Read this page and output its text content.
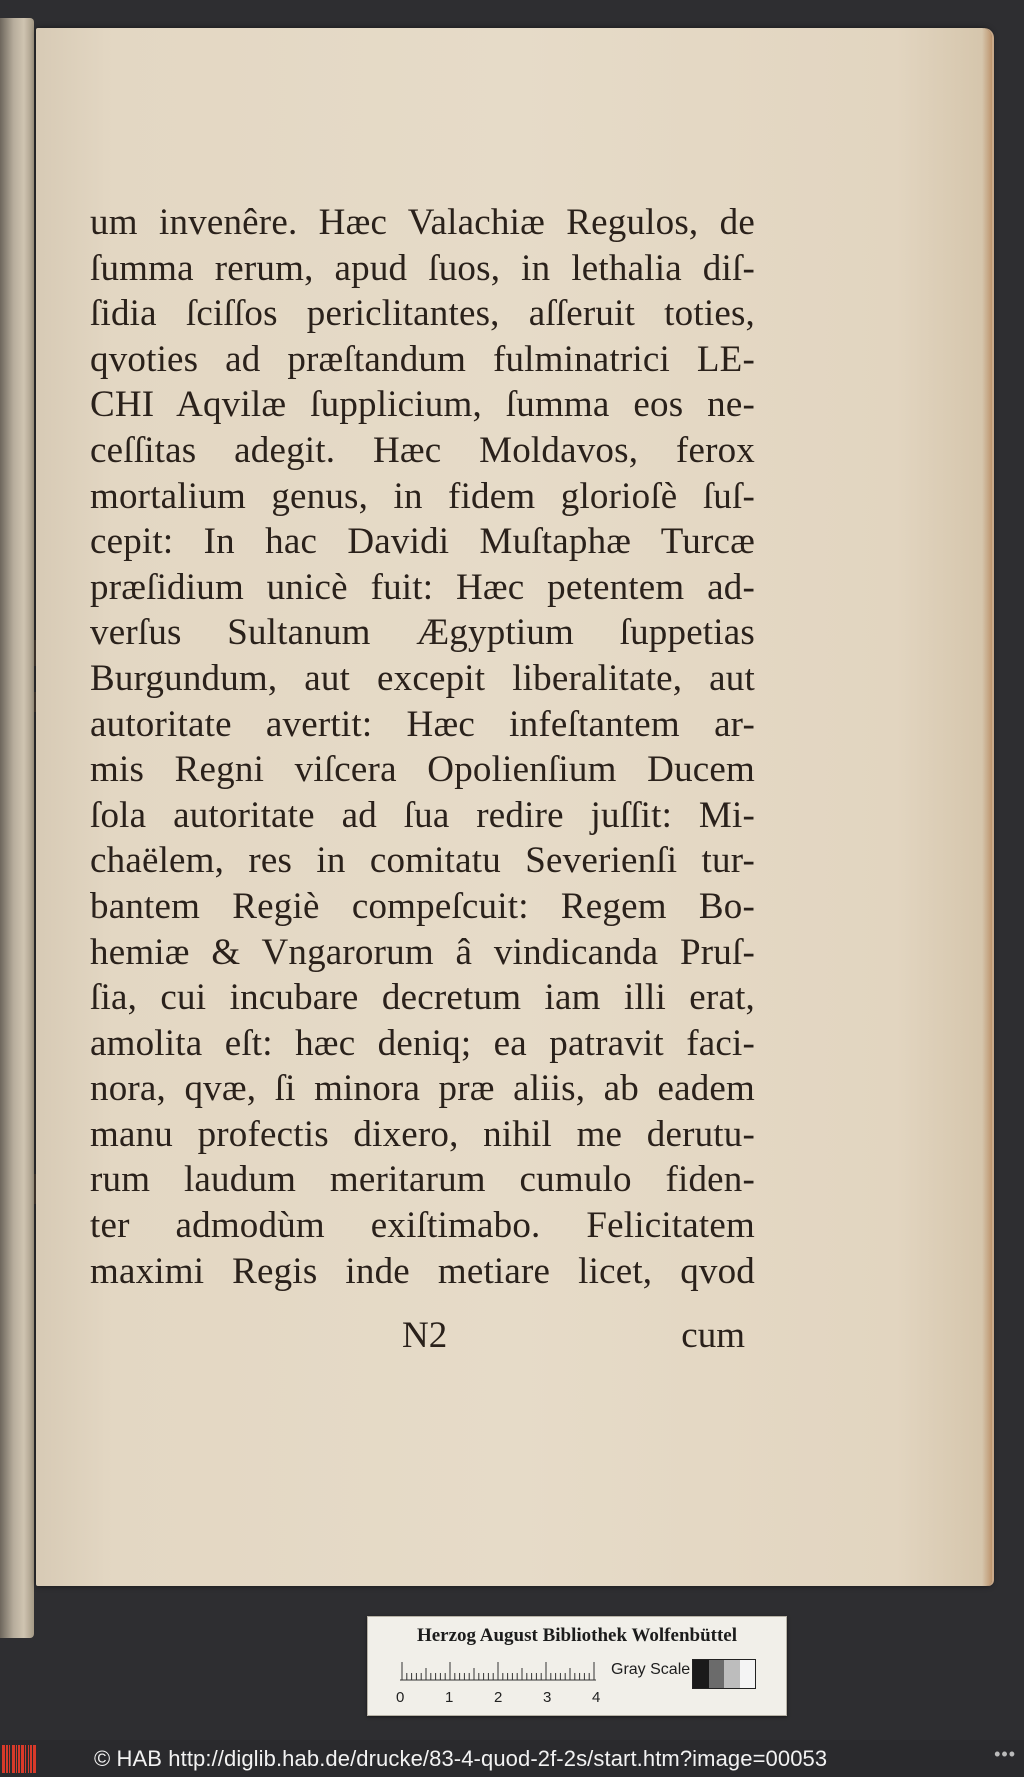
um invenêre. Hæc Valachiæ Regulos, de
ſumma rerum, apud ſuos, in lethalia diſ-
ſidia ſciſſos periclitantes, aſſeruit toties,
qvoties ad præſtandum fulminatrici LE-
CHI Aqvilæ ſupplicium, ſumma eos ne-
ceſſitas adegit. Hæc Moldavos, ferox
mortalium genus, in fidem glorioſè ſuſ-
cepit: In hac Davidi Muſtaphæ Turcæ
præſidium unicè fuit: Hæc petentem ad-
verſus Sultanum Ægyptium ſuppetias
Burgundum, aut excepit liberalitate, aut
autoritate avertit: Hæc infeſtantem ar-
mis Regni viſcera Opolienſium Ducem
ſola autoritate ad ſua redire juſſit: Mi-
chaëlem, res in comitatu Severienſi tur-
bantem Regiè compeſcuit: Regem Bo-
hemiæ & Vngarorum â vindicanda Pruſ-
ſia, cui incubare decretum iam illi erat,
amolita eſt: hæc deniq; ea patravit faci-
nora, qvæ, ſi minora præ aliis, ab eadem
manu profectis dixero, nihil me derutu-
rum laudum meritarum cumulo fiden-
ter admodùm exiſtimabo. Felicitatem
maximi Regis inde metiare licet, qvod
N2	cum
Herzog August Bibliothek Wolfenbüttel
0	1	2	3	4
Gray Scale
© HAB http://diglib.hab.de/drucke/83-4-quod-2f-2s/start.htm?image=00053	•••
